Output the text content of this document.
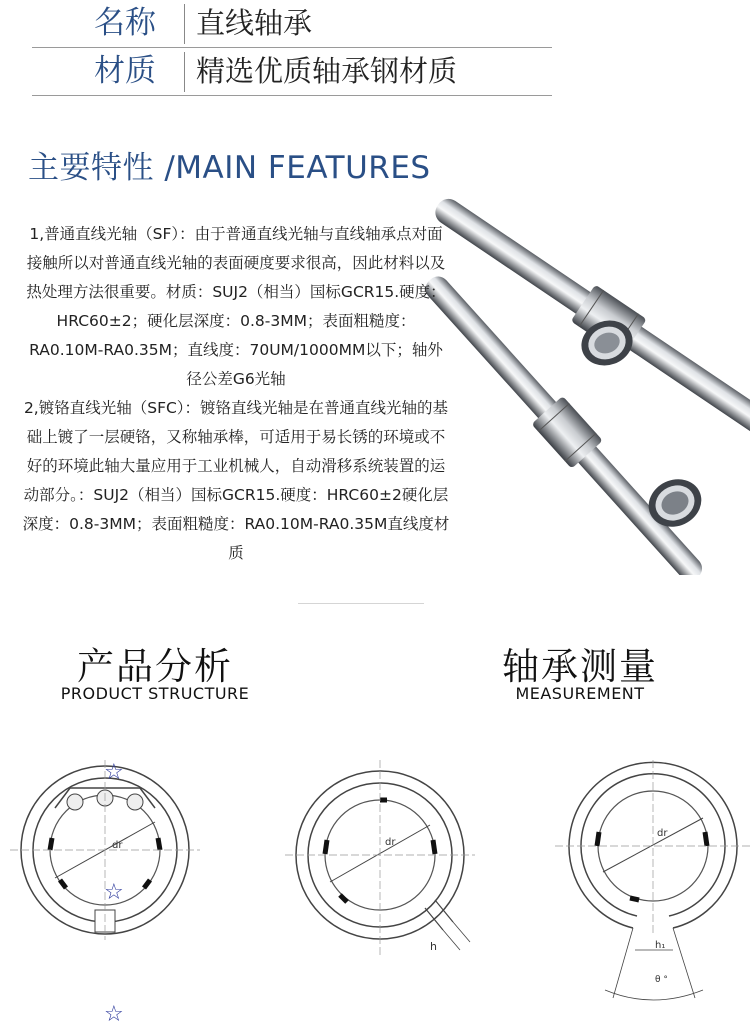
名称	直线轴承
材质	精选优质轴承钢材质
主要特性 /MAIN FEATURES

1,普通直线光轴（SF）：由于普通直线光轴与直线轴承点对面接触所以对普通直线光轴的表面硬度要求很高，因此材料以及热处理方法很重要。材质：SUJ2（相当）国标GCR15.硬度：HRC60±2；硬化层深度：0.8-3MM；表面粗糙度：RA0.10M-RA0.35M；直线度：70UM/1000MM以下；轴外径公差G6光轴

2,镀铬直线光轴（SFC）：镀铬直线光轴是在普通直线光轴的基础上镀了一层硬铬，又称轴承棒，可适用于易长锈的环境或不好的环境此轴大量应用于工业机械人，自动滑移系统装置的运动部分。：SUJ2（相当）国标GCR15.硬度：HRC60±2硬化层深度：0.8-3MM；表面粗糙度：RA0.10M-RA0.35M直线度材质

产品分析
PRODUCT STRUCTURE
轴承测量
MEASUREMENT
dr
☆
☆
☆
dr
h
dr
h₁
θ °
